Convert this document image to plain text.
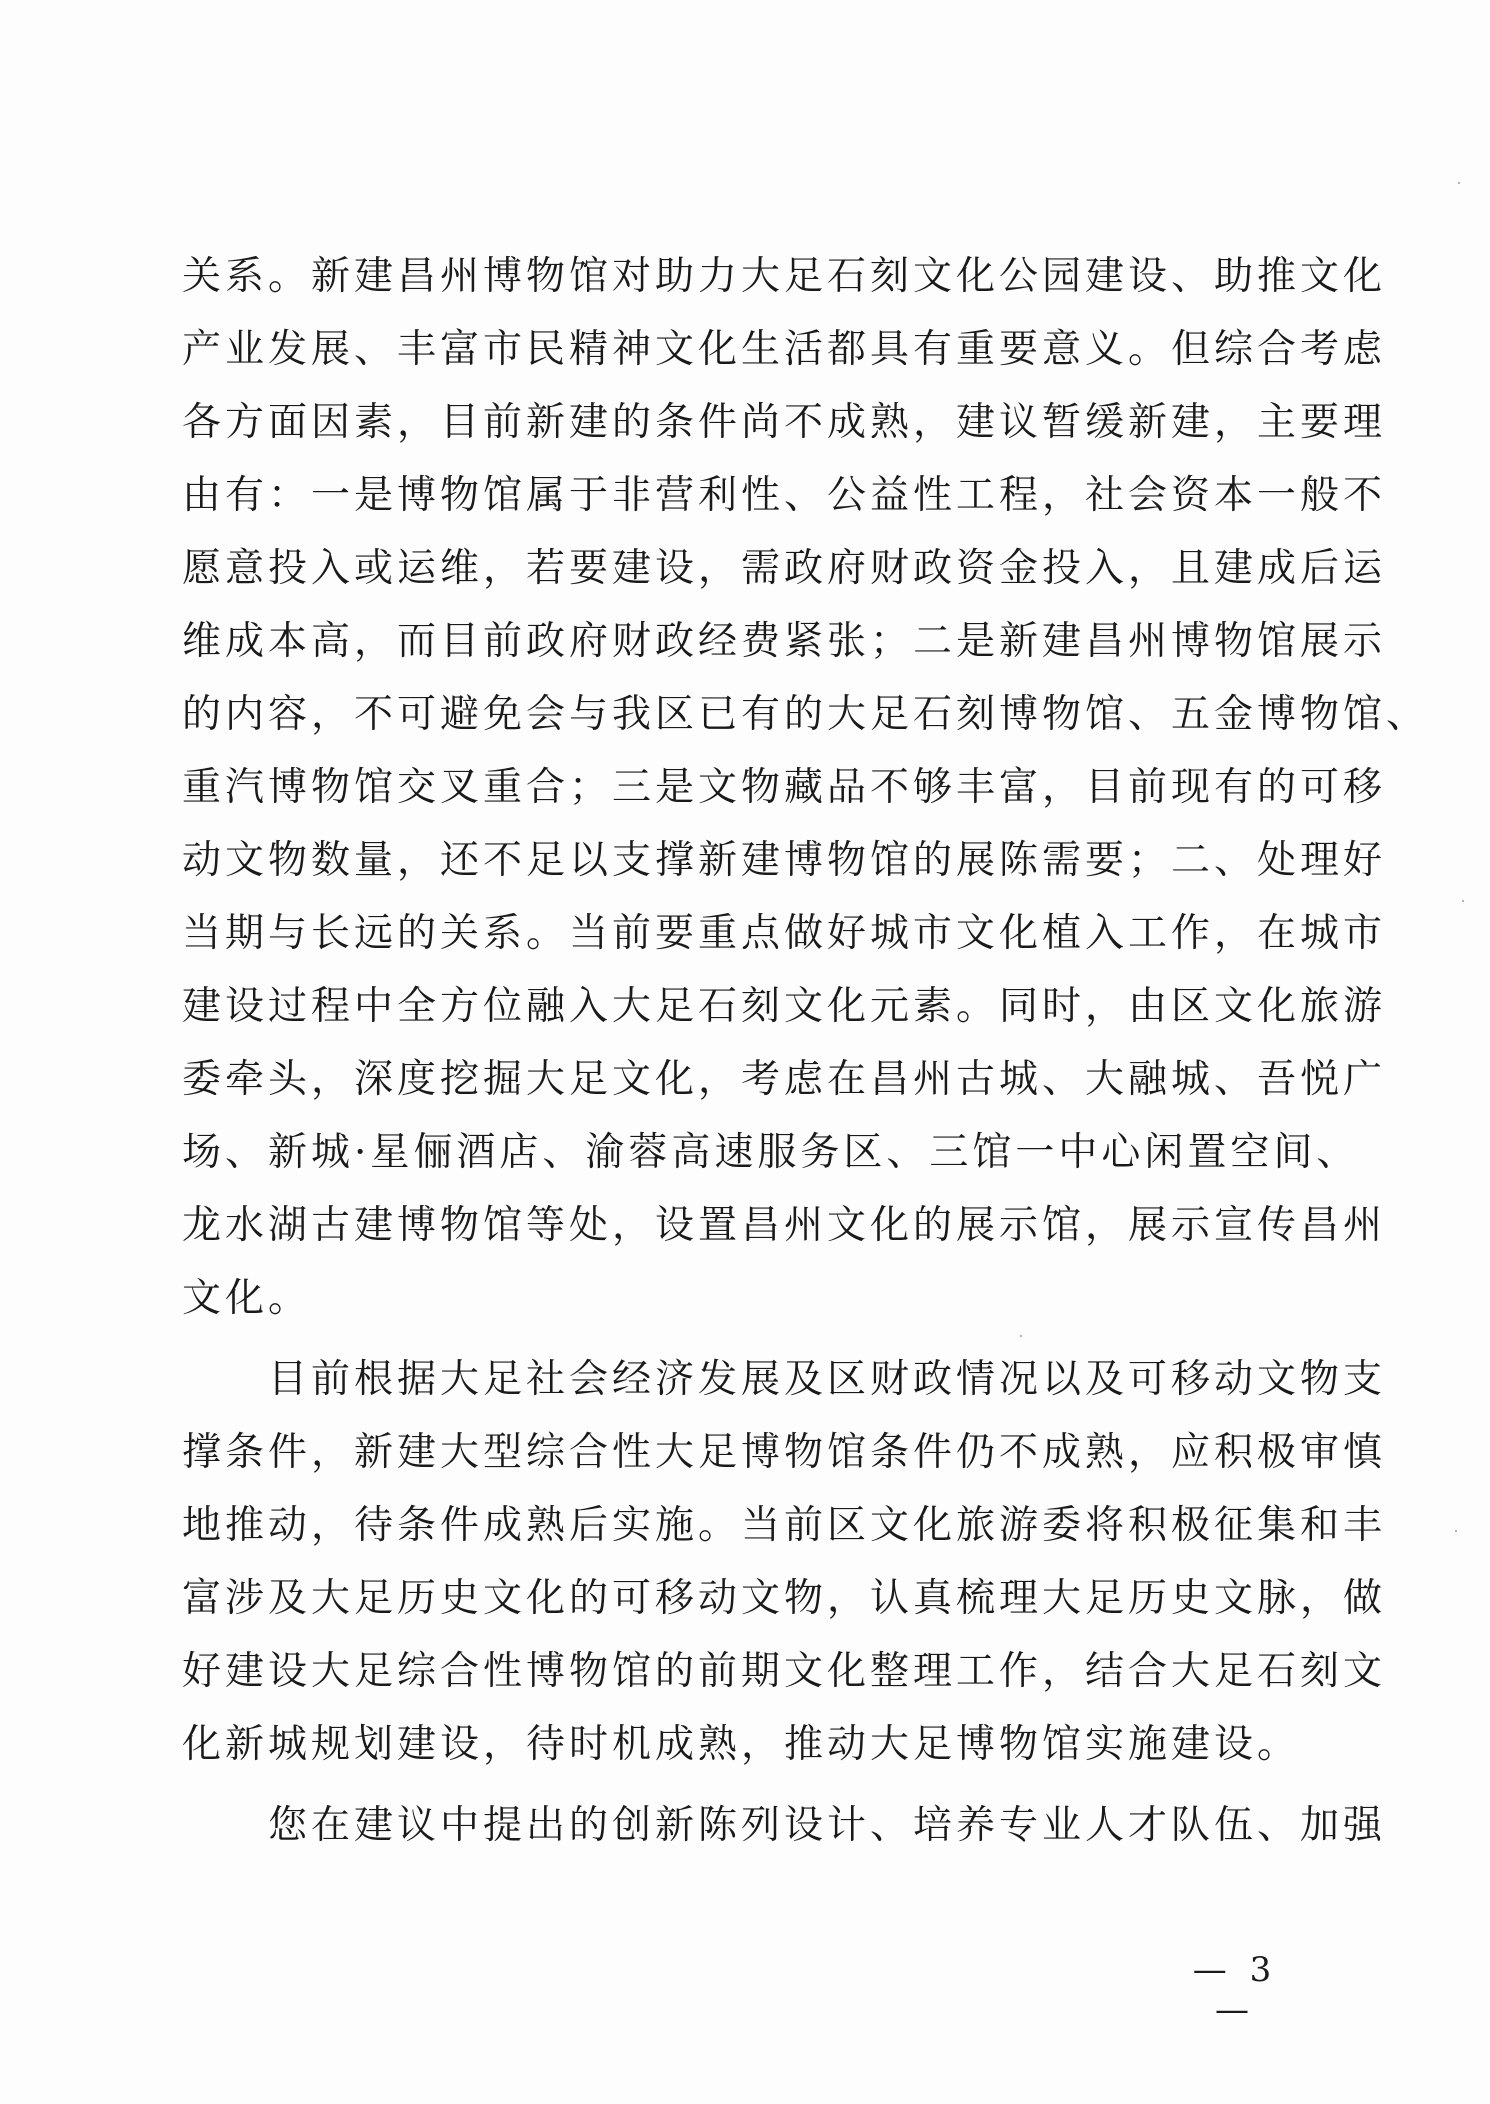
关系。新建昌州博物馆对助力大足石刻文化公园建设、助推文化
产业发展、丰富市民精神文化生活都具有重要意义。但综合考虑
各方面因素，目前新建的条件尚不成熟，建议暂缓新建，主要理
由有：一是博物馆属于非营利性、公益性工程，社会资本一般不
愿意投入或运维，若要建设，需政府财政资金投入，且建成后运
维成本高，而目前政府财政经费紧张；二是新建昌州博物馆展示
的内容，不可避免会与我区已有的大足石刻博物馆、五金博物馆、
重汽博物馆交叉重合；三是文物藏品不够丰富，目前现有的可移
动文物数量，还不足以支撑新建博物馆的展陈需要；二、处理好
当期与长远的关系。当前要重点做好城市文化植入工作，在城市
建设过程中全方位融入大足石刻文化元素。同时，由区文化旅游
委牵头，深度挖掘大足文化，考虑在昌州古城、大融城、吾悦广
场、新城·星俪酒店、渝蓉高速服务区、三馆一中心闲置空间、
龙水湖古建博物馆等处，设置昌州文化的展示馆，展示宣传昌州
文化。
　　目前根据大足社会经济发展及区财政情况以及可移动文物支
撑条件，新建大型综合性大足博物馆条件仍不成熟，应积极审慎
地推动，待条件成熟后实施。当前区文化旅游委将积极征集和丰
富涉及大足历史文化的可移动文物，认真梳理大足历史文脉，做
好建设大足综合性博物馆的前期文化整理工作，结合大足石刻文
化新城规划建设，待时机成熟，推动大足博物馆实施建设。
　　您在建议中提出的创新陈列设计、培养专业人才队伍、加强
— 3 —
